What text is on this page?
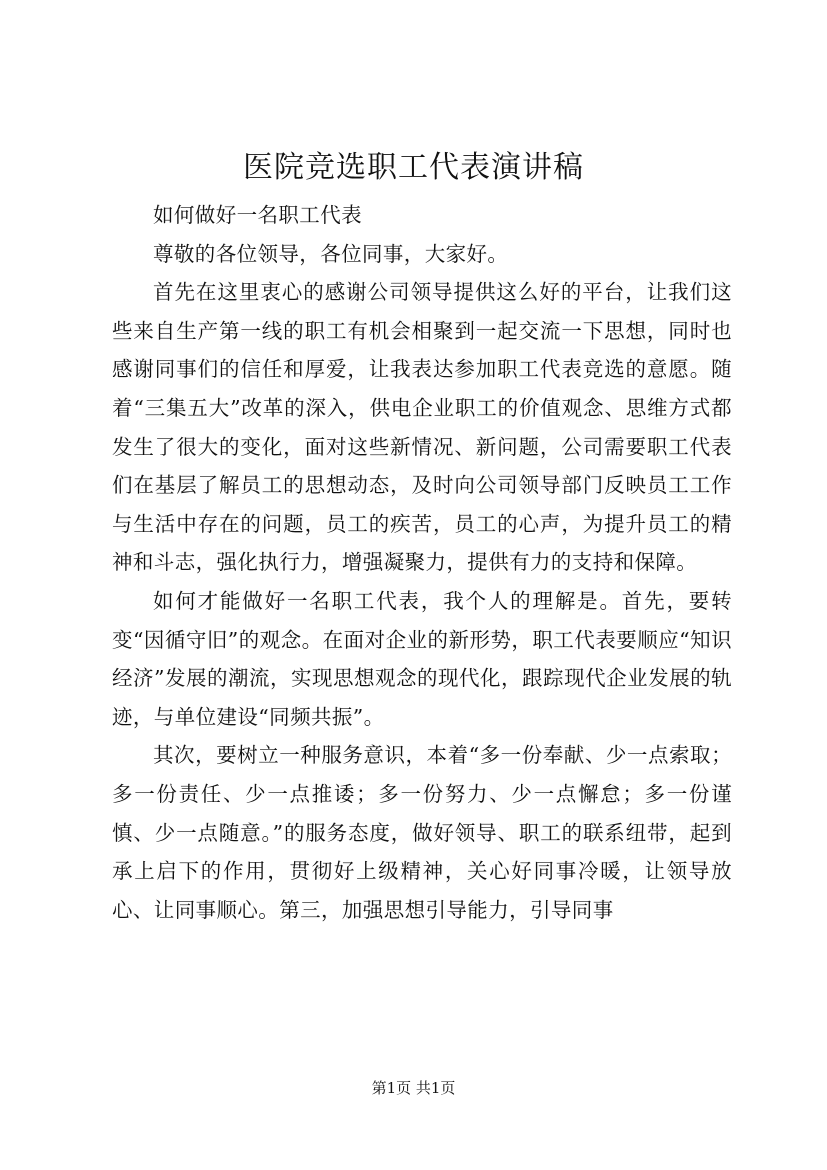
医院竞选职工代表演讲稿

如何做好一名职工代表

尊敬的各位领导，各位同事，大家好。

首先在这里衷心的感谢公司领导提供这么好的平台，让我们这些来自生产第一线的职工有机会相聚到一起交流一下思想，同时也感谢同事们的信任和厚爱，让我表达参加职工代表竞选的意愿。随着“三集五大”改革的深入，供电企业职工的价值观念、思维方式都发生了很大的变化，面对这些新情况、新问题，公司需要职工代表们在基层了解员工的思想动态，及时向公司领导部门反映员工工作与生活中存在的问题，员工的疾苦，员工的心声，为提升员工的精神和斗志，强化执行力，增强凝聚力，提供有力的支持和保障。

如何才能做好一名职工代表，我个人的理解是。首先，要转变“因循守旧”的观念。在面对企业的新形势，职工代表要顺应“知识经济”发展的潮流，实现思想观念的现代化，跟踪现代企业发展的轨迹，与单位建设“同频共振”。

其次，要树立一种服务意识，本着“多一份奉献、少一点索取；多一份责任、少一点推诿；多一份努力、少一点懈怠；多一份谨慎、少一点随意。”的服务态度，做好领导、职工的联系纽带，起到承上启下的作用，贯彻好上级精神，关心好同事冷暖，让领导放心、让同事顺心。第三，加强思想引导能力，引导同事

第1页 共1页
